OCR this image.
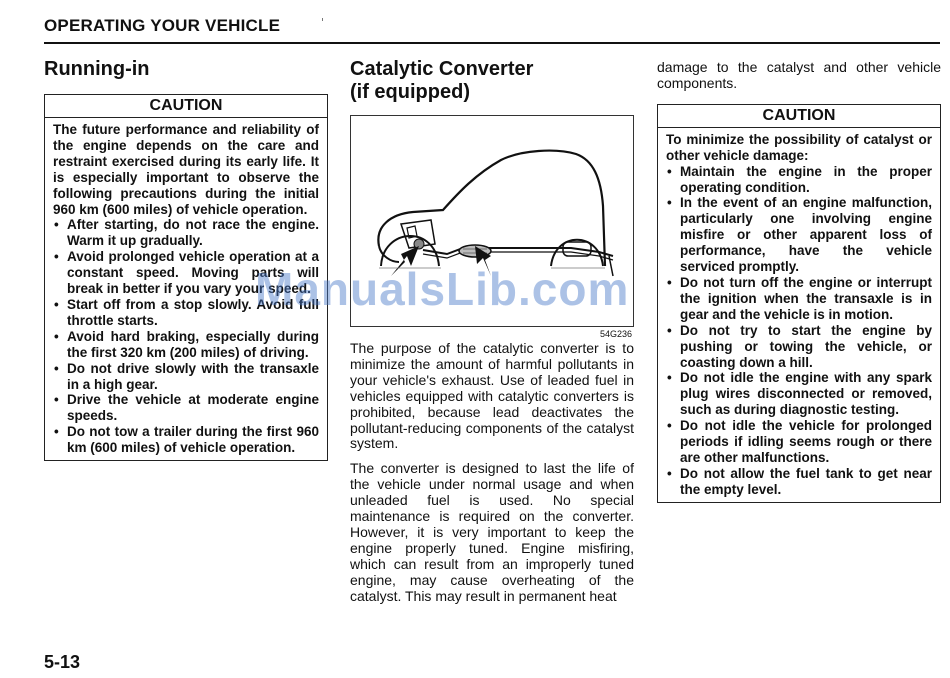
OPERATING YOUR VEHICLE
Running-in
CAUTION
The future performance and reliability of the engine depends on the care and restraint exercised during its early life. It is especially important to observe the following precautions during the initial 960 km (600 miles) of vehicle operation.
• After starting, do not race the engine. Warm it up gradually.
• Avoid prolonged vehicle operation at a constant speed. Moving parts will break in better if you vary your speed.
• Start off from a stop slowly. Avoid full throttle starts.
• Avoid hard braking, especially during the first 320 km (200 miles) of driving.
• Do not drive slowly with the transaxle in a high gear.
• Drive the vehicle at moderate engine speeds.
• Do not tow a trailer during the first 960 km (600 miles) of vehicle operation.
Catalytic Converter
(if equipped)
54G236

The purpose of the catalytic converter is to minimize the amount of harmful pollutants in your vehicle's exhaust. Use of leaded fuel in vehicles equipped with catalytic converters is prohibited, because lead deactivates the pollutant-reducing components of the catalyst system.

The converter is designed to last the life of the vehicle under normal usage and when unleaded fuel is used. No special maintenance is required on the converter. However, it is very important to keep the engine properly tuned. Engine misfiring, which can result from an improperly tuned engine, may cause overheating of the catalyst. This may result in permanent heat

damage to the catalyst and other vehicle components.

CAUTION
To minimize the possibility of catalyst or other vehicle damage:
• Maintain the engine in the proper operating condition.
• In the event of an engine malfunction, particularly one involving engine misfire or other apparent loss of performance, have the vehicle serviced promptly.
• Do not turn off the engine or interrupt the ignition when the transaxle is in gear and the vehicle is in motion.
• Do not try to start the engine by pushing or towing the vehicle, or coasting down a hill.
• Do not idle the engine with any spark plug wires disconnected or removed, such as during diagnostic testing.
• Do not idle the vehicle for prolonged periods if idling seems rough or there are other malfunctions.
• Do not allow the fuel tank to get near the empty level.
5-13
ManualsLib.com
